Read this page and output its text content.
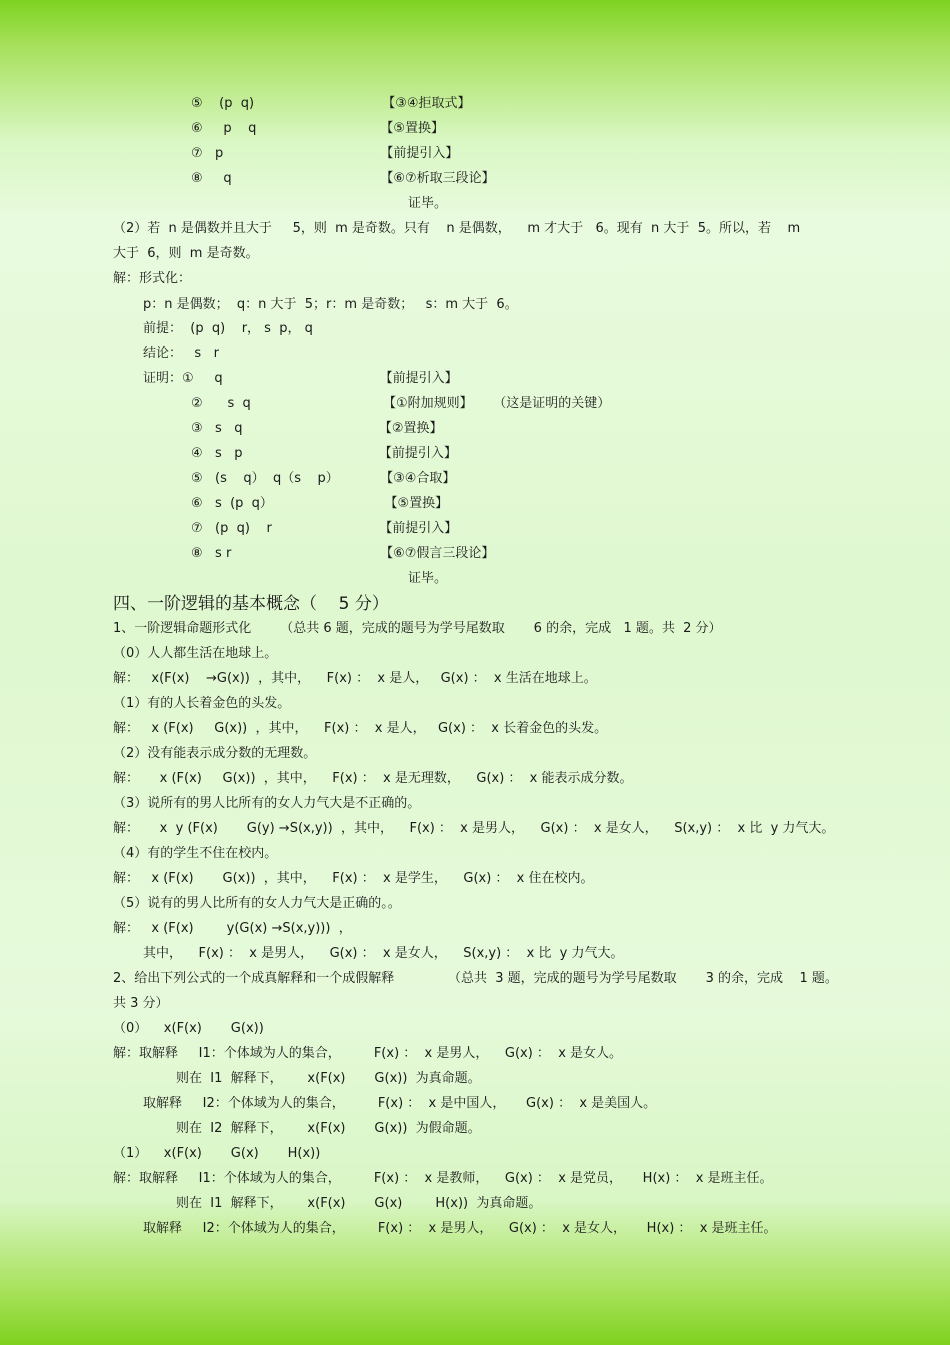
⑤    (p  q)                               【③④拒取式】
⑥     p    q                              【⑤置换】
⑦   p                                      【前提引入】
⑧     q                                    【⑥⑦析取三段论】
证毕。
（2）若  n 是偶数并且大于     5，则  m 是奇数。只有    n 是偶数，    m 才大于   6。现有  n 大于  5。所以，若    m
大于  6，则  m 是奇数。
解：形式化：
p：n 是偶数；  q：n 大于  5；r：m 是奇数；   s：m 大于  6。
前提：  (p  q)    r， s  p， q
结论：   s   r
证明：①     q                                      【前提引入】
②      s  q                                【①附加规则】     （这是证明的关键）
③   s   q                                 【②置换】
④   s   p                                 【前提引入】
⑤   (s    q）  q（s    p）          【③④合取】
⑥   s  (p  q）                           【⑤置换】
⑦   (p  q)    r                          【前提引入】
⑧   s r                                    【⑥⑦假言三段论】
证毕。
四、一阶逻辑的基本概念（    5 分）
1、一阶逻辑命题形式化       （总共 6 题，完成的题号为学号尾数取       6 的余，完成   1 题。共  2 分）
（0）人人都生活在地球上。
解：   x(F(x)    →G(x))  ，其中，    F(x) ：  x 是人，   G(x) ：  x 生活在地球上。
（1）有的人长着金色的头发。
解：   x (F(x)     G(x))  ，其中，    F(x) ：  x 是人，   G(x) ：  x 长着金色的头发。
（2）没有能表示成分数的无理数。
解：     x (F(x)     G(x))  ，其中，    F(x) ：  x 是无理数，    G(x) ：  x 能表示成分数。
（3）说所有的男人比所有的女人力气大是不正确的。
解：     x  y (F(x)       G(y) →S(x,y))  ，其中，    F(x) ：  x 是男人，    G(x) ：  x 是女人，    S(x,y) ：  x 比  y 力气大。
（4）有的学生不住在校内。
解：   x (F(x)       G(x))  ，其中，    F(x) ：  x 是学生，    G(x) ：  x 住在校内。
（5）说有的男人比所有的女人力气大是正确的。。
解：   x (F(x)        y(G(x) →S(x,y)))  ，
其中，    F(x) ：  x 是男人，    G(x) ：  x 是女人，    S(x,y) ：  x 比  y 力气大。
2、给出下列公式的一个成真解释和一个成假解释             （总共  3 题，完成的题号为学号尾数取       3 的余，完成    1 题。
共 3 分）
（0）    x(F(x)       G(x))
解：取解释     I1：个体域为人的集合，        F(x) ：  x 是男人，    G(x) ：  x 是女人。
则在  I1  解释下，      x(F(x)       G(x))  为真命题。
取解释     I2：个体域为人的集合，        F(x) ：  x 是中国人，     G(x) ：  x 是美国人。
则在  I2  解释下，      x(F(x)       G(x))  为假命题。
（1）    x(F(x)       G(x)       H(x))
解：取解释     I1：个体域为人的集合，        F(x) ：  x 是教师，    G(x) ：  x 是党员，     H(x) ：  x 是班主任。
则在  I1  解释下，      x(F(x)       G(x)        H(x))  为真命题。
取解释     I2：个体域为人的集合，        F(x) ：  x 是男人，    G(x) ：  x 是女人，     H(x) ：  x 是班主任。
